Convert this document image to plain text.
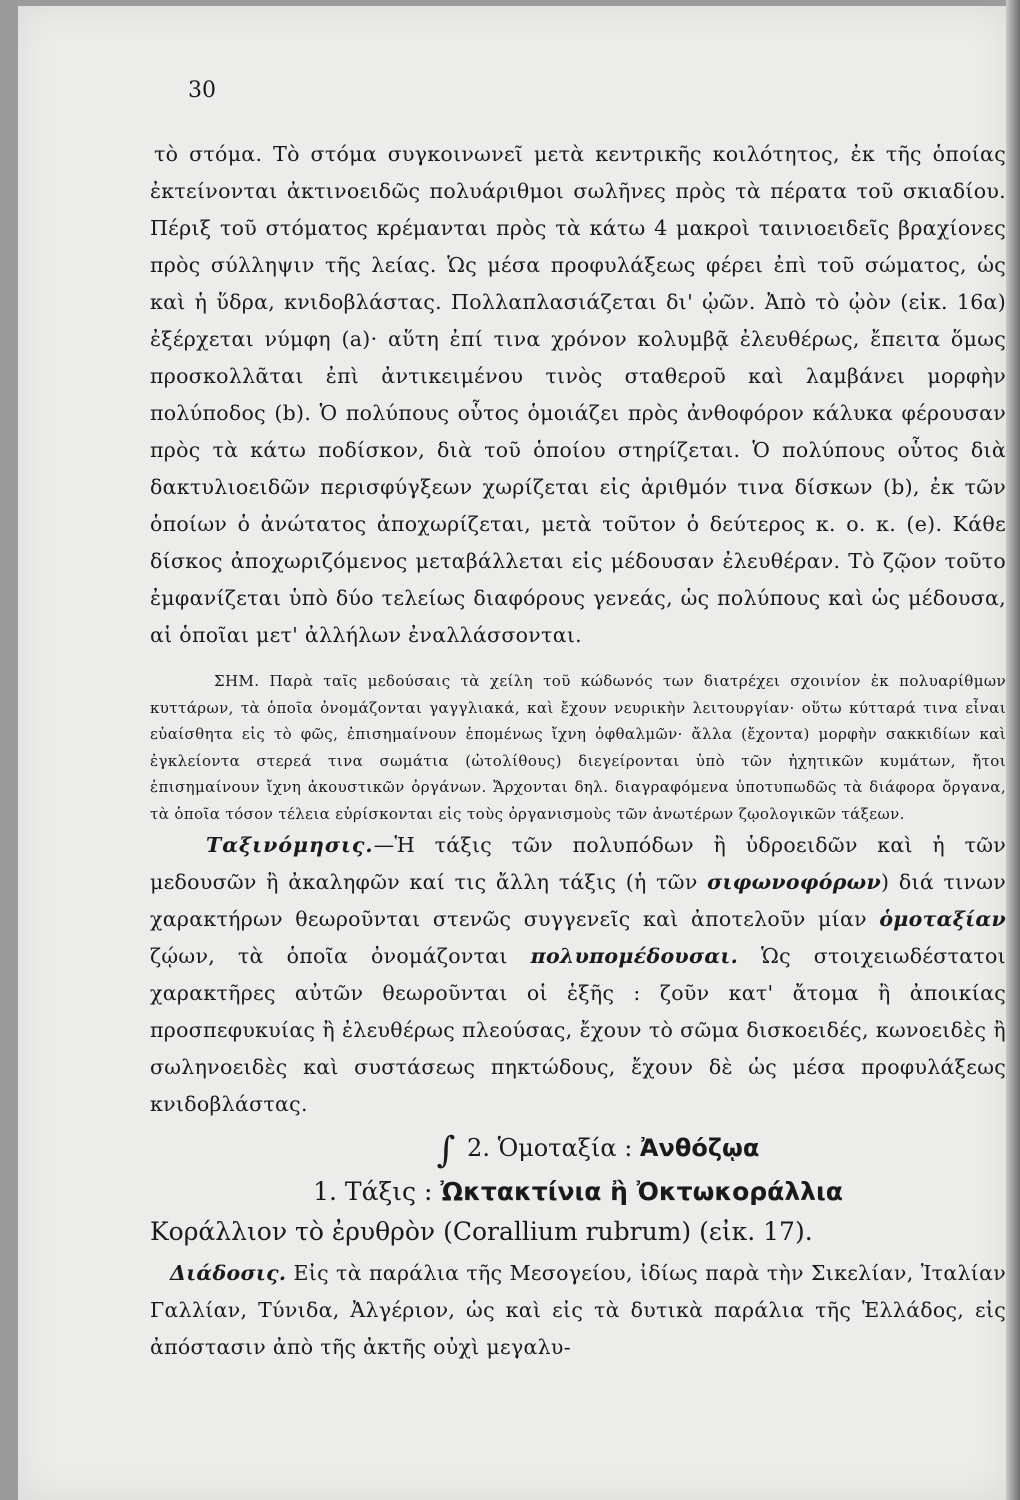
30

τὸ στόμα. Τὸ στόμα συγκοινωνεῖ μετὰ κεντρικῆς κοιλότητος, ἐκ τῆς ὁποίας ἐκτείνονται ἀκτινοειδῶς πολυάριθμοι σωλῆνες πρὸς τὰ πέρατα τοῦ σκιαδίου. Πέριξ τοῦ στόματος κρέμανται πρὸς τὰ κάτω 4 μακροὶ ταινιοειδεῖς βραχίονες πρὸς σύλληψιν τῆς λείας. Ὡς μέσα προφυλάξεως φέρει ἐπὶ τοῦ σώματος, ὡς καὶ ἡ ὕδρα, κνιδοβλάστας. Πολλαπλασιάζεται δι' ᾠῶν. Ἀπὸ τὸ ᾠὸν (εἰκ. 16α) ἐξέρχεται νύμφη (a)· αὕτη ἐπί τινα χρόνον κολυμβᾷ ἐλευθέρως, ἔπειτα ὅμως προσκολλᾶται ἐπὶ ἀντικειμένου τινὸς σταθεροῦ καὶ λαμβάνει μορφὴν πολύποδος (b). Ὁ πολύπους οὗτος ὁμοιάζει πρὸς ἀνθοφόρον κάλυκα φέρουσαν πρὸς τὰ κάτω ποδίσκον, διὰ τοῦ ὁποίου στηρίζεται. Ὁ πολύπους οὗτος διὰ δακτυλιοειδῶν περισφύγξεων χωρίζεται εἰς ἀριθμόν τινα δίσκων (b), ἐκ τῶν ὁποίων ὁ ἀνώτατος ἀποχωρίζεται, μετὰ τοῦτον ὁ δεύτερος κ. ο. κ. (e). Κάθε δίσκος ἀποχωριζόμενος μεταβάλλεται εἰς μέδουσαν ἐλευθέραν. Τὸ ζῷον τοῦτο ἐμφανίζεται ὑπὸ δύο τελείως διαφόρους γενεάς, ὡς πολύπους καὶ ὡς μέδουσα, αἱ ὁποῖαι μετ' ἀλλήλων ἐναλλάσσονται.

ΣΗΜ. Παρὰ ταῖς μεδούσαις τὰ χείλη τοῦ κώδωνός των διατρέχει σχοινίον ἐκ πολυαρίθμων κυττάρων, τὰ ὁποῖα ὀνομάζονται γαγγλιακά, καὶ ἔχουν νευρικὴν λειτουργίαν· οὕτω κύτταρά τινα εἶναι εὐαίσθητα εἰς τὸ φῶς, ἐπισημαίνουν ἑπομένως ἴχνη ὀφθαλμῶν· ἄλλα (ἔχοντα) μορφὴν σακκιδίων καὶ ἐγκλείοντα στερεά τινα σωμάτια (ὠτολίθους) διεγείρονται ὑπὸ τῶν ἠχητικῶν κυμάτων, ἤτοι ἐπισημαίνουν ἴχνη ἀκουστικῶν ὀργάνων. Ἄρχονται δηλ. διαγραφόμενα ὑποτυπωδῶς τὰ διάφορα ὄργανα, τὰ ὁποῖα τόσον τέλεια εὑρίσκονται εἰς τοὺς ὀργανισμοὺς τῶν ἀνωτέρων ζῳολογικῶν τάξεων.

Ταξινόμησις.—Ἡ τάξις τῶν πολυπόδων ἢ ὑδροειδῶν καὶ ἡ τῶν μεδουσῶν ἢ ἀκαληφῶν καί τις ἄλλη τάξις (ἡ τῶν σιφωνοφόρων) διά τινων χαρακτήρων θεωροῦνται στενῶς συγγενεῖς καὶ ἀποτελοῦν μίαν ὁμοταξίαν ζῴων, τὰ ὁποῖα ὀνομάζονται πολυπομέδουσαι. Ὡς στοιχειωδέστατοι χαρακτῆρες αὐτῶν θεωροῦνται οἱ ἑξῆς : ζοῦν κατ' ἄτομα ἢ ἀποικίας προσπεφυκυίας ἢ ἐλευθέρως πλεούσας, ἔχουν τὸ σῶμα δισκοειδές, κωνοειδὲς ἢ σωληνοειδὲς καὶ συστάσεως πηκτώδους, ἔχουν δὲ ὡς μέσα προφυλάξεως κνιδοβλάστας.

∫ 2. Ὁμοταξία : Ἀνθόζῳα
1. Τάξις : Ὠκτακτίνια ἢ Ὀκτωκοράλλια
Κοράλλιον τὸ ἐρυθρὸν (Corallium rubrum) (εἰκ. 17).

Διάδοσις. Εἰς τὰ παράλια τῆς Μεσογείου, ἰδίως παρὰ τὴν Σικελίαν, Ἰταλίαν Γαλλίαν, Τύνιδα, Ἀλγέριον, ὡς καὶ εἰς τὰ δυτικὰ παράλια τῆς Ἑλλάδος, εἰς ἀπόστασιν ἀπὸ τῆς ἀκτῆς οὐχὶ μεγαλυ-
